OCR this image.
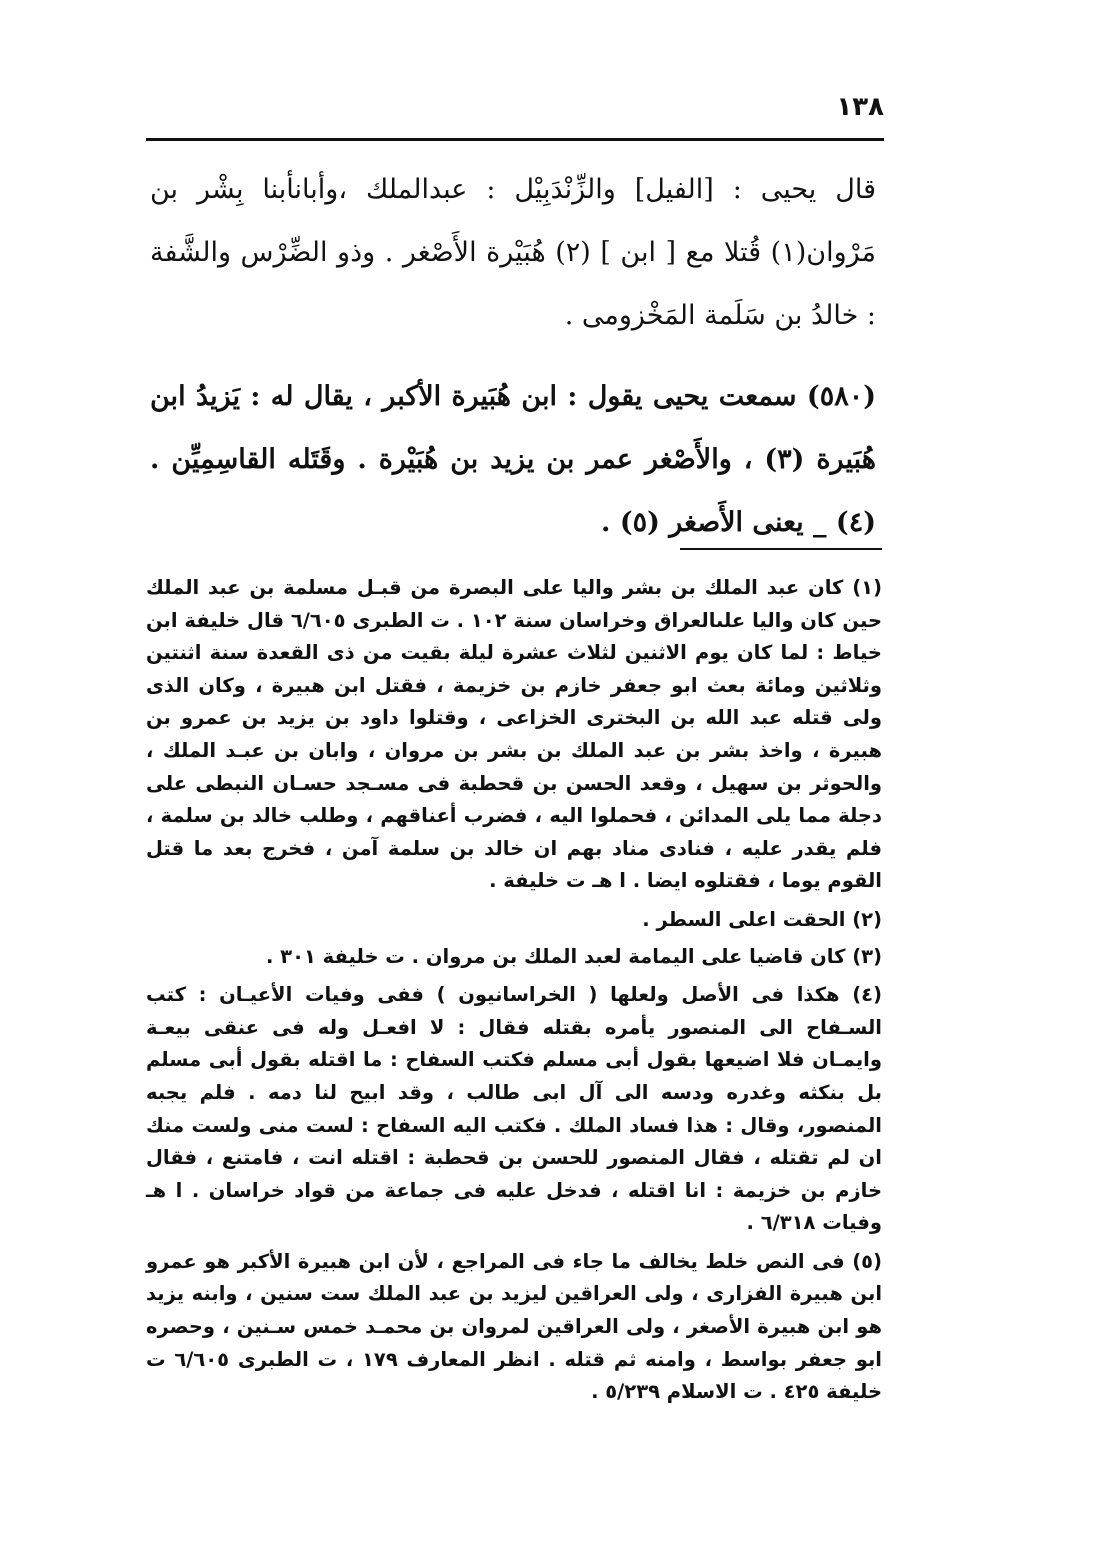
١٣٨

قال يحيى : [الفيل] والزِّنْدَبِيْل : عبدالملك ،وأبانأبنا بِشْر بن مَرْوان(١) قُتلا مع [ ابن ] (٢) هُبَيْرة الأَصْغر . وذو الضِّرْس والشَّفة : خالدُ بن سَلَمة المَخْزومى .

(٥٨٠) سمعت يحيى يقول : ابن هُبَيرة الأكبر ، يقال له : يَزيدُ ابن هُبَيرة (٣) ، والأَصْغر عمر بن يزيد بن هُبَيْرة . وقَتَله القاسِمِيِّن . (٤) _ يعنى الأَصغر (٥) .

(١) كان عبد الملك بن بشر واليا على البصرة من قبـل مسلمة بن عبد الملك حين كان واليا علىالعراق وخراسان سنة ١٠٢ . ت الطبرى ٦/٦٠٥ قال خليفة ابن خياط : لما كان يوم الاثنين لثلاث عشرة ليلة بقيت من ذى القعدة سنة اثنتين وثلاثين ومائة بعث ابو جعفر خازم بن خزيمة ، فقتل ابن هبيرة ، وكان الذى ولى قتله عبد الله بن البخترى الخزاعى ، وقتلوا داود بن يزيد بن عمرو بن هبيرة ، واخذ بشر بن عبد الملك بن بشر بن مروان ، وابان بن عبـد الملك ، والحوثر بن سهيل ، وقعد الحسن بن قحطبة فى مسـجد حسـان النبطى على دجلة مما يلى المدائن ، فحملوا اليه ، فضرب أعناقهم ، وطلب خالد بن سلمة ، فلم يقدر عليه ، فنادى مناد بهم ان خالد بن سلمة آمن ، فخرج بعد ما قتل القوم يوما ، فقتلوه ايضا . ا هـ ت خليفة .

(٢) الحقت اعلى السطر .

(٣) كان قاضيا على اليمامة لعبد الملك بن مروان . ت خليفة ٣٠١ .

(٤) هكذا فى الأصل ولعلها ( الخراسانيون ) ففى وفيات الأعيـان : كتب السـفاح الى المنصور يأمره بقتله فقال : لا افعـل وله فى عنقى بيعـة وايمـان فلا اضيعها بقول أبى مسلم فكتب السفاح : ما اقتله بقول أبى مسلم بل بنكثه وغدره ودسه الى آل ابى طالب ، وقد ابيح لنا دمه . فلم يجبه المنصور، وقال : هذا فساد الملك . فكتب اليه السفاح : لست منى ولست منك ان لم تقتله ، فقال المنصور للحسن بن قحطبة : اقتله انت ، فامتنع ، فقال خازم بن خزيمة : انا اقتله ، فدخل عليه فى جماعة من قواد خراسان . ا هـ وفيات ٦/٣١٨ .

(٥) فى النص خلط يخالف ما جاء فى المراجع ، لأن ابن هبيرة الأكبر هو عمرو ابن هبيرة الفزارى ، ولى العراقين ليزيد بن عبد الملك ست سنين ، وابنه يزيد هو ابن هبيرة الأصغر ، ولى العراقين لمروان بن محمـد خمس سـنين ، وحصره ابو جعفر بواسط ، وامنه ثم قتله . انظر المعارف ١٧٩ ، ت الطبرى ٦/٦٠٥ ت خليفة ٤٢٥ . ت الاسلام ٥/٢٣٩ .
